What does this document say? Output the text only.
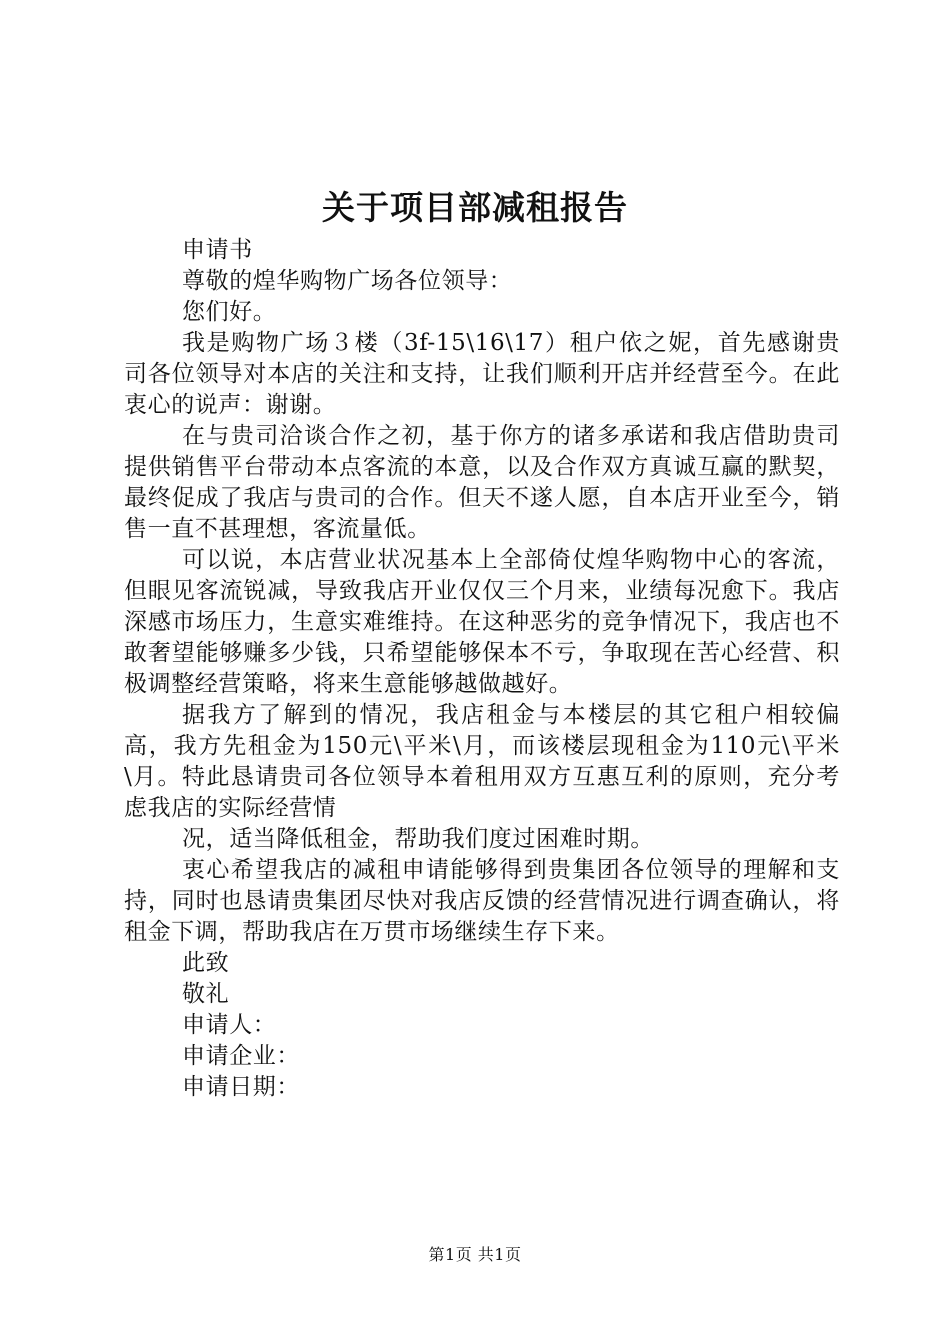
关于项目部减租报告

申请书

尊敬的煌华购物广场各位领导：

您们好。

我是购物广场３楼（3f-15\16\17）租户依之妮，首先感谢贵司各位领导对本店的关注和支持，让我们顺利开店并经营至今。在此衷心的说声：谢谢。

在与贵司洽谈合作之初，基于你方的诸多承诺和我店借助贵司提供销售平台带动本点客流的本意，以及合作双方真诚互赢的默契，最终促成了我店与贵司的合作。但天不遂人愿，自本店开业至今，销售一直不甚理想，客流量低。

可以说，本店营业状况基本上全部倚仗煌华购物中心的客流，但眼见客流锐减，导致我店开业仅仅三个月来，业绩每况愈下。我店深感市场压力，生意实难维持。在这种恶劣的竞争情况下，我店也不敢奢望能够赚多少钱，只希望能够保本不亏，争取现在苦心经营、积极调整经营策略，将来生意能够越做越好。

据我方了解到的情况，我店租金与本楼层的其它租户相较偏高，我方先租金为150元\平米\月，而该楼层现租金为110元\平米\月。特此恳请贵司各位领导本着租用双方互惠互利的原则，充分考虑我店的实际经营情

况，适当降低租金，帮助我们度过困难时期。

衷心希望我店的减租申请能够得到贵集团各位领导的理解和支持，同时也恳请贵集团尽快对我店反馈的经营情况进行调查确认，将租金下调，帮助我店在万贯市场继续生存下来。

此致

敬礼

申请人：

申请企业：

申请日期：

第1页 共1页
